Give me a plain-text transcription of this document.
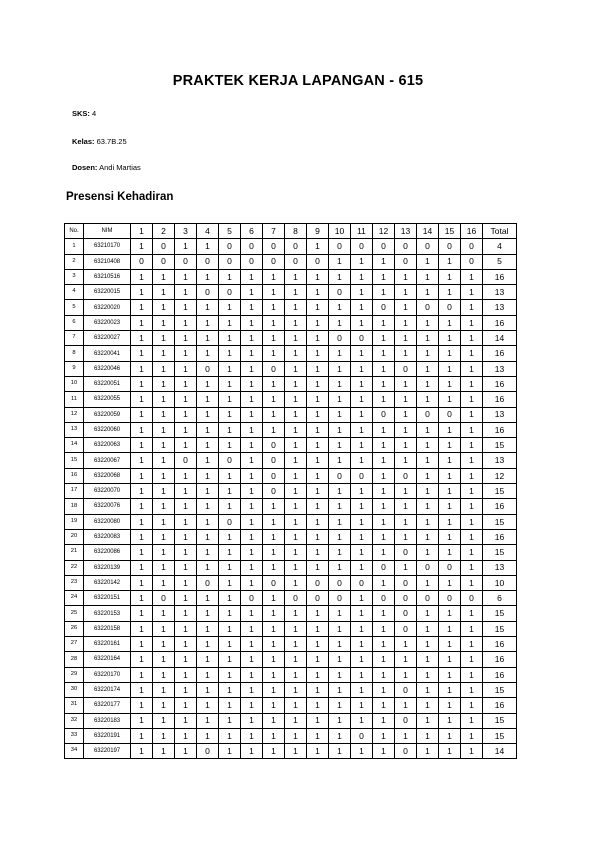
PRAKTEK KERJA LAPANGAN - 615
SKS: 4
Kelas: 63.7B.25
Dosen: Andi Martias
Presensi Kehadiran
No.	NIM	1	2	3	4	5	6	7	8	9	10	11	12	13	14	15	16	Total
1	63210170	1	0	1	1	0	0	0	0	1	0	0	0	0	0	0	0	4
2	63210408	0	0	0	0	0	0	0	0	0	1	1	1	0	1	1	0	5
3	63210516	1	1	1	1	1	1	1	1	1	1	1	1	1	1	1	1	16
4	63220015	1	1	1	0	0	1	1	1	1	0	1	1	1	1	1	1	13
5	63220020	1	1	1	1	1	1	1	1	1	1	1	0	1	0	0	1	13
6	63220023	1	1	1	1	1	1	1	1	1	1	1	1	1	1	1	1	16
7	63220027	1	1	1	1	1	1	1	1	1	0	0	1	1	1	1	1	14
8	63220041	1	1	1	1	1	1	1	1	1	1	1	1	1	1	1	1	16
9	63220046	1	1	1	0	1	1	0	1	1	1	1	1	0	1	1	1	13
10	63220051	1	1	1	1	1	1	1	1	1	1	1	1	1	1	1	1	16
11	63220055	1	1	1	1	1	1	1	1	1	1	1	1	1	1	1	1	16
12	63220059	1	1	1	1	1	1	1	1	1	1	1	0	1	0	0	1	13
13	63220060	1	1	1	1	1	1	1	1	1	1	1	1	1	1	1	1	16
14	63220063	1	1	1	1	1	1	0	1	1	1	1	1	1	1	1	1	15
15	63220067	1	1	0	1	0	1	0	1	1	1	1	1	1	1	1	1	13
16	63220068	1	1	1	1	1	1	0	1	1	0	0	1	0	1	1	1	12
17	63220070	1	1	1	1	1	1	0	1	1	1	1	1	1	1	1	1	15
18	63220076	1	1	1	1	1	1	1	1	1	1	1	1	1	1	1	1	16
19	63220080	1	1	1	1	0	1	1	1	1	1	1	1	1	1	1	1	15
20	63220083	1	1	1	1	1	1	1	1	1	1	1	1	1	1	1	1	16
21	63220086	1	1	1	1	1	1	1	1	1	1	1	1	0	1	1	1	15
22	63220139	1	1	1	1	1	1	1	1	1	1	1	0	1	0	0	1	13
23	63220142	1	1	1	0	1	1	0	1	0	0	0	1	0	1	1	1	10
24	63220151	1	0	1	1	1	0	1	0	0	0	1	0	0	0	0	0	6
25	63220153	1	1	1	1	1	1	1	1	1	1	1	1	0	1	1	1	15
26	63220158	1	1	1	1	1	1	1	1	1	1	1	1	0	1	1	1	15
27	63220161	1	1	1	1	1	1	1	1	1	1	1	1	1	1	1	1	16
28	63220164	1	1	1	1	1	1	1	1	1	1	1	1	1	1	1	1	16
29	63220170	1	1	1	1	1	1	1	1	1	1	1	1	1	1	1	1	16
30	63220174	1	1	1	1	1	1	1	1	1	1	1	1	0	1	1	1	15
31	63220177	1	1	1	1	1	1	1	1	1	1	1	1	1	1	1	1	16
32	63220183	1	1	1	1	1	1	1	1	1	1	1	1	0	1	1	1	15
33	63220191	1	1	1	1	1	1	1	1	1	1	0	1	1	1	1	1	15
34	63220197	1	1	1	0	1	1	1	1	1	1	1	1	0	1	1	1	14
